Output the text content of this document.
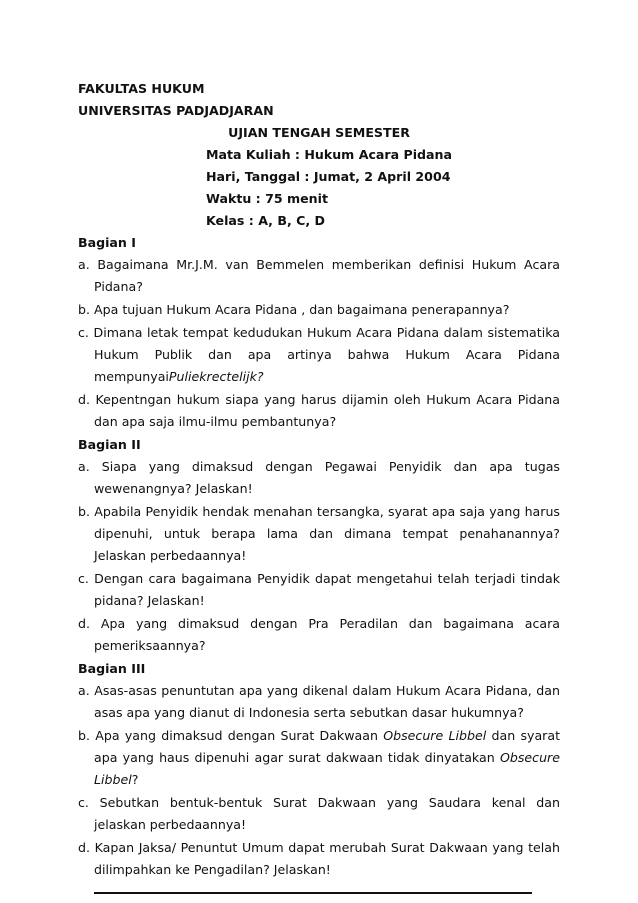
FAKULTAS HUKUM
UNIVERSITAS PADJADJARAN
UJIAN TENGAH SEMESTER
Mata Kuliah : Hukum Acara Pidana
Hari, Tanggal : Jumat, 2 April 2004
Waktu : 75 menit
Kelas : A, B, C, D
Bagian I
a. Bagaimana Mr.J.M. van Bemmelen memberikan definisi Hukum Acara Pidana?
b. Apa tujuan Hukum Acara Pidana , dan bagaimana penerapannya?
c. Dimana letak tempat kedudukan Hukum Acara Pidana dalam sistematika Hukum Publik dan apa artinya bahwa Hukum Acara Pidana mempunyaiPuliekrectelijk?
d. Kepentngan hukum siapa yang harus dijamin oleh Hukum Acara Pidana dan apa saja ilmu-ilmu pembantunya?
Bagian II
a. Siapa yang dimaksud dengan Pegawai Penyidik dan apa tugas wewenangnya? Jelaskan!
b. Apabila Penyidik hendak menahan tersangka, syarat apa saja yang harus dipenuhi, untuk berapa lama dan dimana tempat penahanannya? Jelaskan perbedaannya!
c. Dengan cara bagaimana Penyidik dapat mengetahui telah terjadi tindak pidana? Jelaskan!
d. Apa yang dimaksud dengan Pra Peradilan dan bagaimana acara pemeriksaannya?
Bagian III
a. Asas-asas penuntutan apa yang dikenal dalam Hukum Acara Pidana, dan asas apa yang dianut di Indonesia serta sebutkan dasar hukumnya?
b. Apa yang dimaksud dengan Surat Dakwaan Obsecure Libbel dan syarat apa yang haus dipenuhi agar surat dakwaan tidak dinyatakan Obsecure Libbel?
c. Sebutkan bentuk-bentuk Surat Dakwaan yang Saudara kenal dan jelaskan perbedaannya!
d. Kapan Jaksa/ Penuntut Umum dapat merubah Surat Dakwaan yang telah dilimpahkan ke Pengadilan? Jelaskan!
